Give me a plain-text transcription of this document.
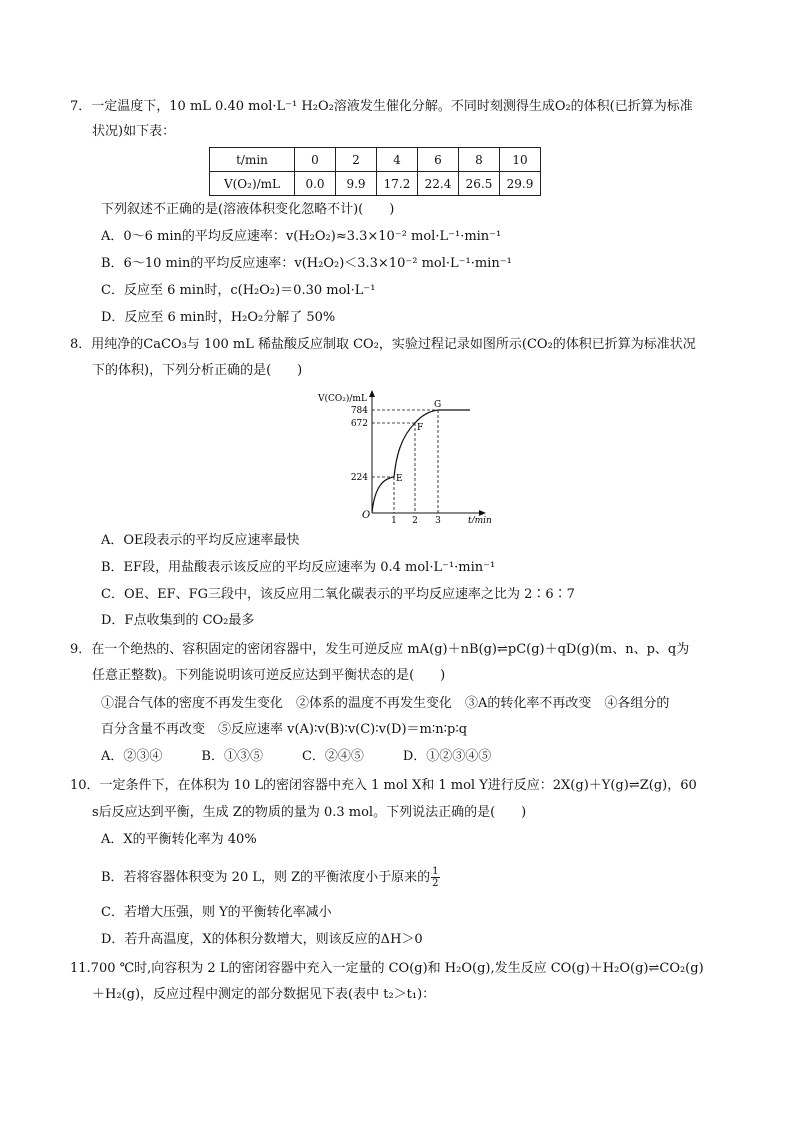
7．一定温度下，10 mL 0.40 mol·L⁻¹ H₂O₂溶液发生催化分解。不同时刻测得生成O₂的体积(已折算为标准
状况)如下表：
t/min	0	2	4	6	8	10
V(O₂)/mL	0.0	9.9	17.2	22.4	26.5	29.9
下列叙述不正确的是(溶液体积变化忽略不计)(　　)
A．0～6 min的平均反应速率：v(H₂O₂)≈3.3×10⁻² mol·L⁻¹·min⁻¹
B．6～10 min的平均反应速率：v(H₂O₂)＜3.3×10⁻² mol·L⁻¹·min⁻¹
C．反应至 6 min时，c(H₂O₂)＝0.30 mol·L⁻¹
D．反应至 6 min时，H₂O₂分解了 50%
8．用纯净的CaCO₃与 100 mL 稀盐酸反应制取 CO₂，实验过程记录如图所示(CO₂的体积已折算为标准状况
下的体积)，下列分析正确的是(　　)
784
672
224
1 2 3
O	t/min
V(CO₂)/mL
E
F
G
A．OE段表示的平均反应速率最快
B．EF段，用盐酸表示该反应的平均反应速率为 0.4 mol·L⁻¹·min⁻¹
C．OE、EF、FG三段中，该反应用二氧化碳表示的平均反应速率之比为 2∶6∶7
D．F点收集到的 CO₂最多
9．在一个绝热的、容积固定的密闭容器中，发生可逆反应 mA(g)＋nB(g)⇌pC(g)＋qD(g)(m、n、p、q为
任意正整数)。下列能说明该可逆反应达到平衡状态的是(　　)
①混合气体的密度不再发生变化　②体系的温度不再发生变化　③A的转化率不再改变　④各组分的
百分含量不再改变　⑤反应速率 v(A)∶v(B)∶v(C)∶v(D)＝m∶n∶p∶q
A．②③④　　　B．①③⑤　　　C．②④⑤　　　D．①②③④⑤
10．一定条件下，在体积为 10 L的密闭容器中充入 1 mol X和 1 mol Y进行反应：2X(g)＋Y(g)⇌Z(g)，60
s后反应达到平衡，生成 Z的物质的量为 0.3 mol。下列说法正确的是(　　)
A．X的平衡转化率为 40%
B．若将容器体积变为 20 L，则 Z的平衡浓度小于原来的 $\frac{1}{2}$
C．若增大压强，则 Y的平衡转化率减小
D．若升高温度，X的体积分数增大，则该反应的ΔH＞0
11.700 ℃时,向容积为 2 L的密闭容器中充入一定量的 CO(g)和 H₂O(g),发生反应 CO(g)＋H₂O(g)⇌CO₂(g)
＋H₂(g)，反应过程中测定的部分数据见下表(表中 t₂＞t₁)：
